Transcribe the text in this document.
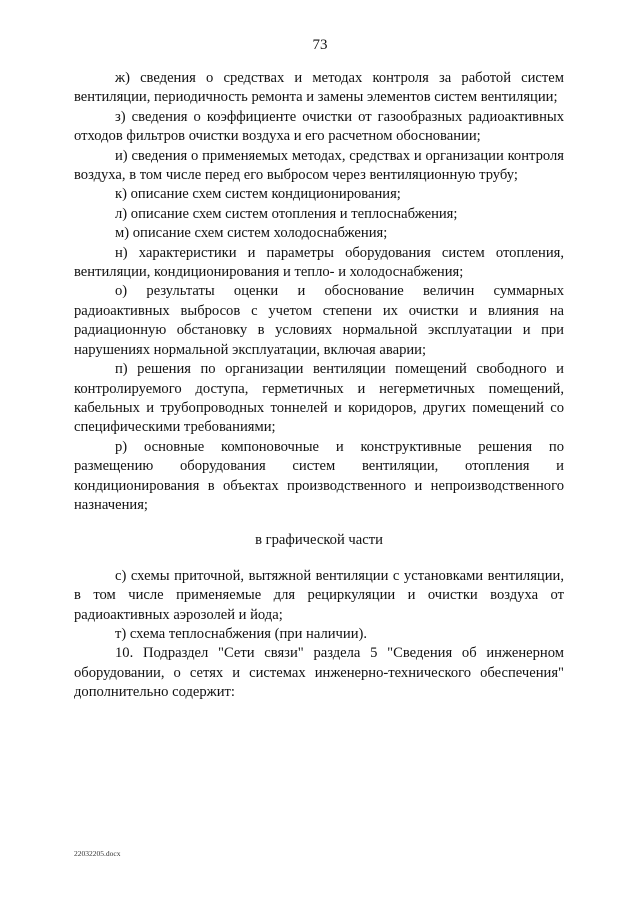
73

ж) сведения о средствах и методах контроля за работой систем вентиляции, периодичность ремонта и замены элементов систем вентиляции;

з) сведения о коэффициенте очистки от газообразных радиоактивных отходов фильтров очистки воздуха и его расчетном обосновании;

и) сведения о применяемых методах, средствах и организации контроля воздуха, в том числе перед его выбросом через вентиляционную трубу;

к) описание схем систем кондиционирования;

л) описание схем систем отопления и теплоснабжения;

м) описание схем систем холодоснабжения;

н) характеристики и параметры оборудования систем отопления, вентиляции, кондиционирования и тепло- и холодоснабжения;

о) результаты оценки и обоснование величин суммарных радиоактивных выбросов с учетом степени их очистки и влияния на радиационную обстановку в условиях нормальной эксплуатации и при нарушениях нормальной эксплуатации, включая аварии;

п) решения по организации вентиляции помещений свободного и контролируемого доступа, герметичных и негерметичных помещений, кабельных и трубопроводных тоннелей и коридоров, других помещений со специфическими требованиями;

р) основные компоновочные и конструктивные решения по размещению оборудования систем вентиляции, отопления и кондиционирования в объектах производственного и непроизводственного назначения;

в графической части

с) схемы приточной, вытяжной вентиляции с установками вентиляции, в том числе применяемые для рециркуляции и очистки воздуха от радиоактивных аэрозолей и йода;

т) схема теплоснабжения (при наличии).

10. Подраздел "Сети связи" раздела 5 "Сведения об инженерном оборудовании, о сетях и системах инженерно-технического обеспечения" дополнительно содержит:

22032205.docx
